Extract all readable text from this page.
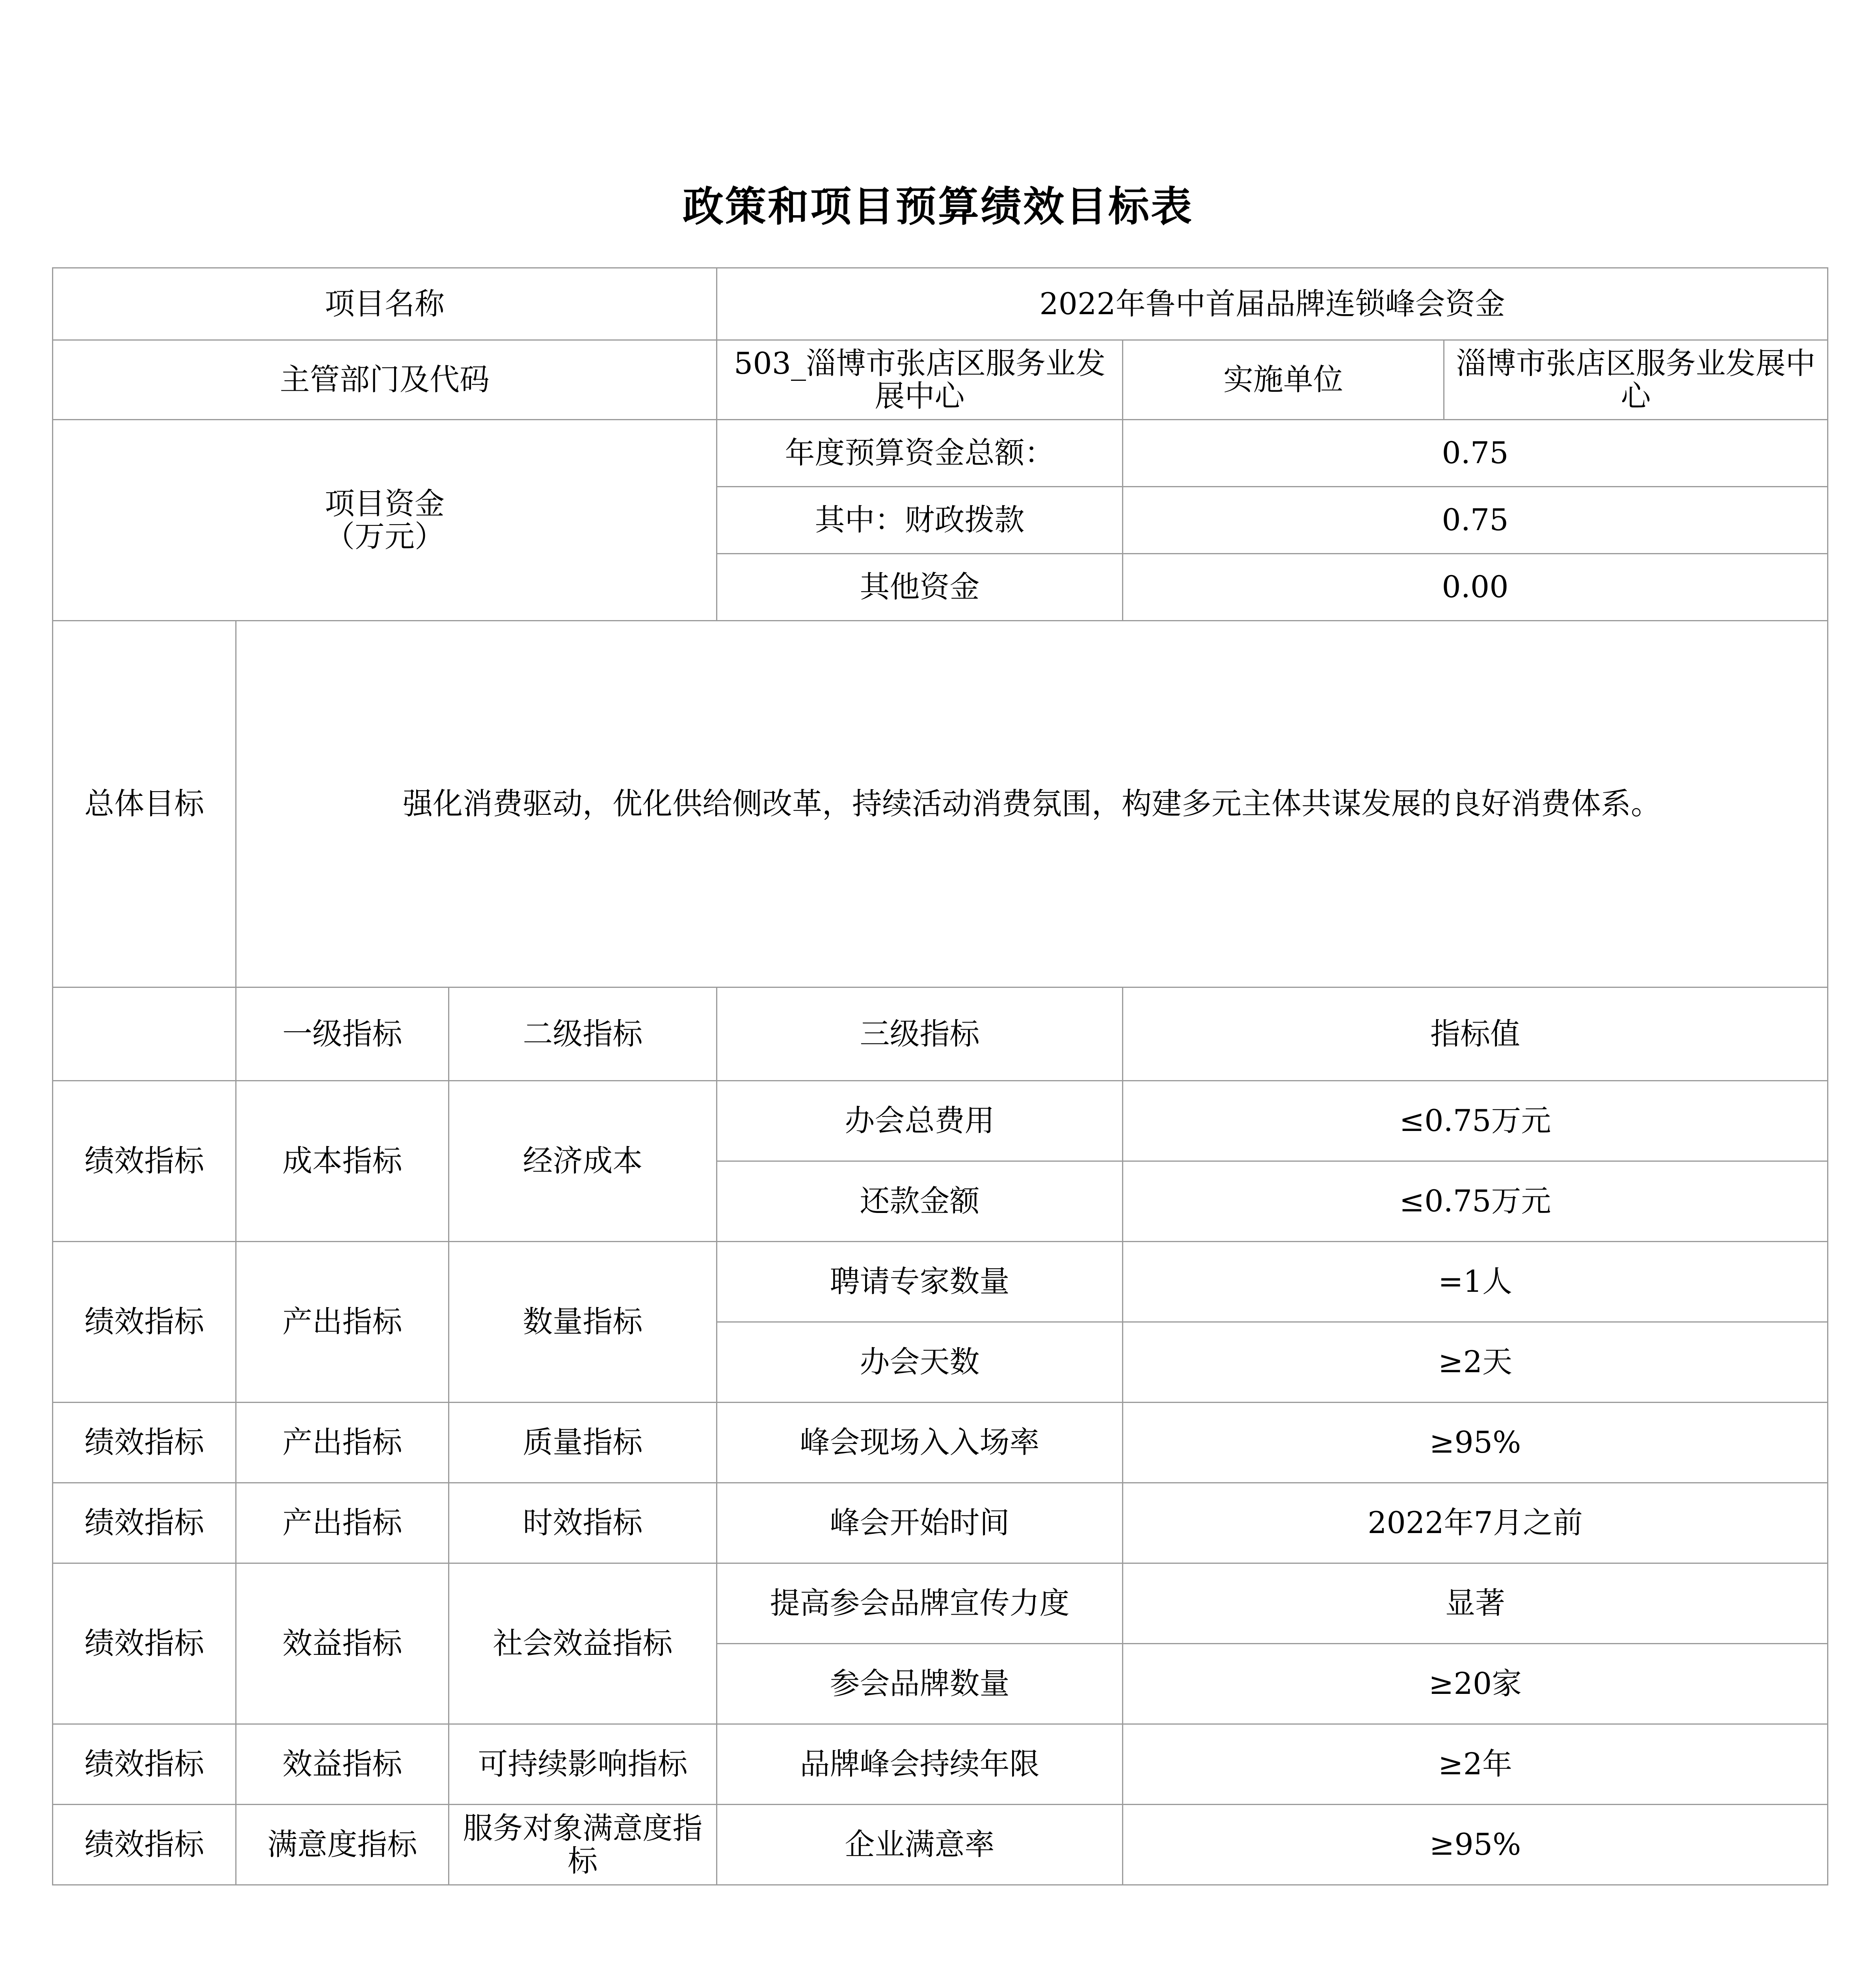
政策和项目预算绩效目标表
项目名称			2022年鲁中首届品牌连锁峰会资金		
主管部门及代码			503_淄博市张店区服务业发展中心	实施单位	淄博市张店区服务业发展中心

项目资金
（万元）			年度预算资金总额：	0.75	
			其中：财政拨款	0.75	
			其他资金	0.00	
总体目标	强化消费驱动，优化供给侧改革，持续活动消费氛围，构建多元主体共谋发展的良好消费体系。				
	一级指标	二级指标	三级指标	指标值	
绩效指标	成本指标	经济成本	办会总费用	≤0.75万元	
			还款金额	≤0.75万元	
绩效指标	产出指标	数量指标	聘请专家数量	=1人	
			办会天数	≥2天	
绩效指标	产出指标	质量指标	峰会现场入入场率	≥95%	
绩效指标	产出指标	时效指标	峰会开始时间	2022年7月之前	
绩效指标	效益指标	社会效益指标	提高参会品牌宣传力度	显著	
			参会品牌数量	≥20家	
绩效指标	效益指标	可持续影响指标	品牌峰会持续年限	≥2年	
绩效指标	满意度指标	服务对象满意度指标	企业满意率	≥95%	
